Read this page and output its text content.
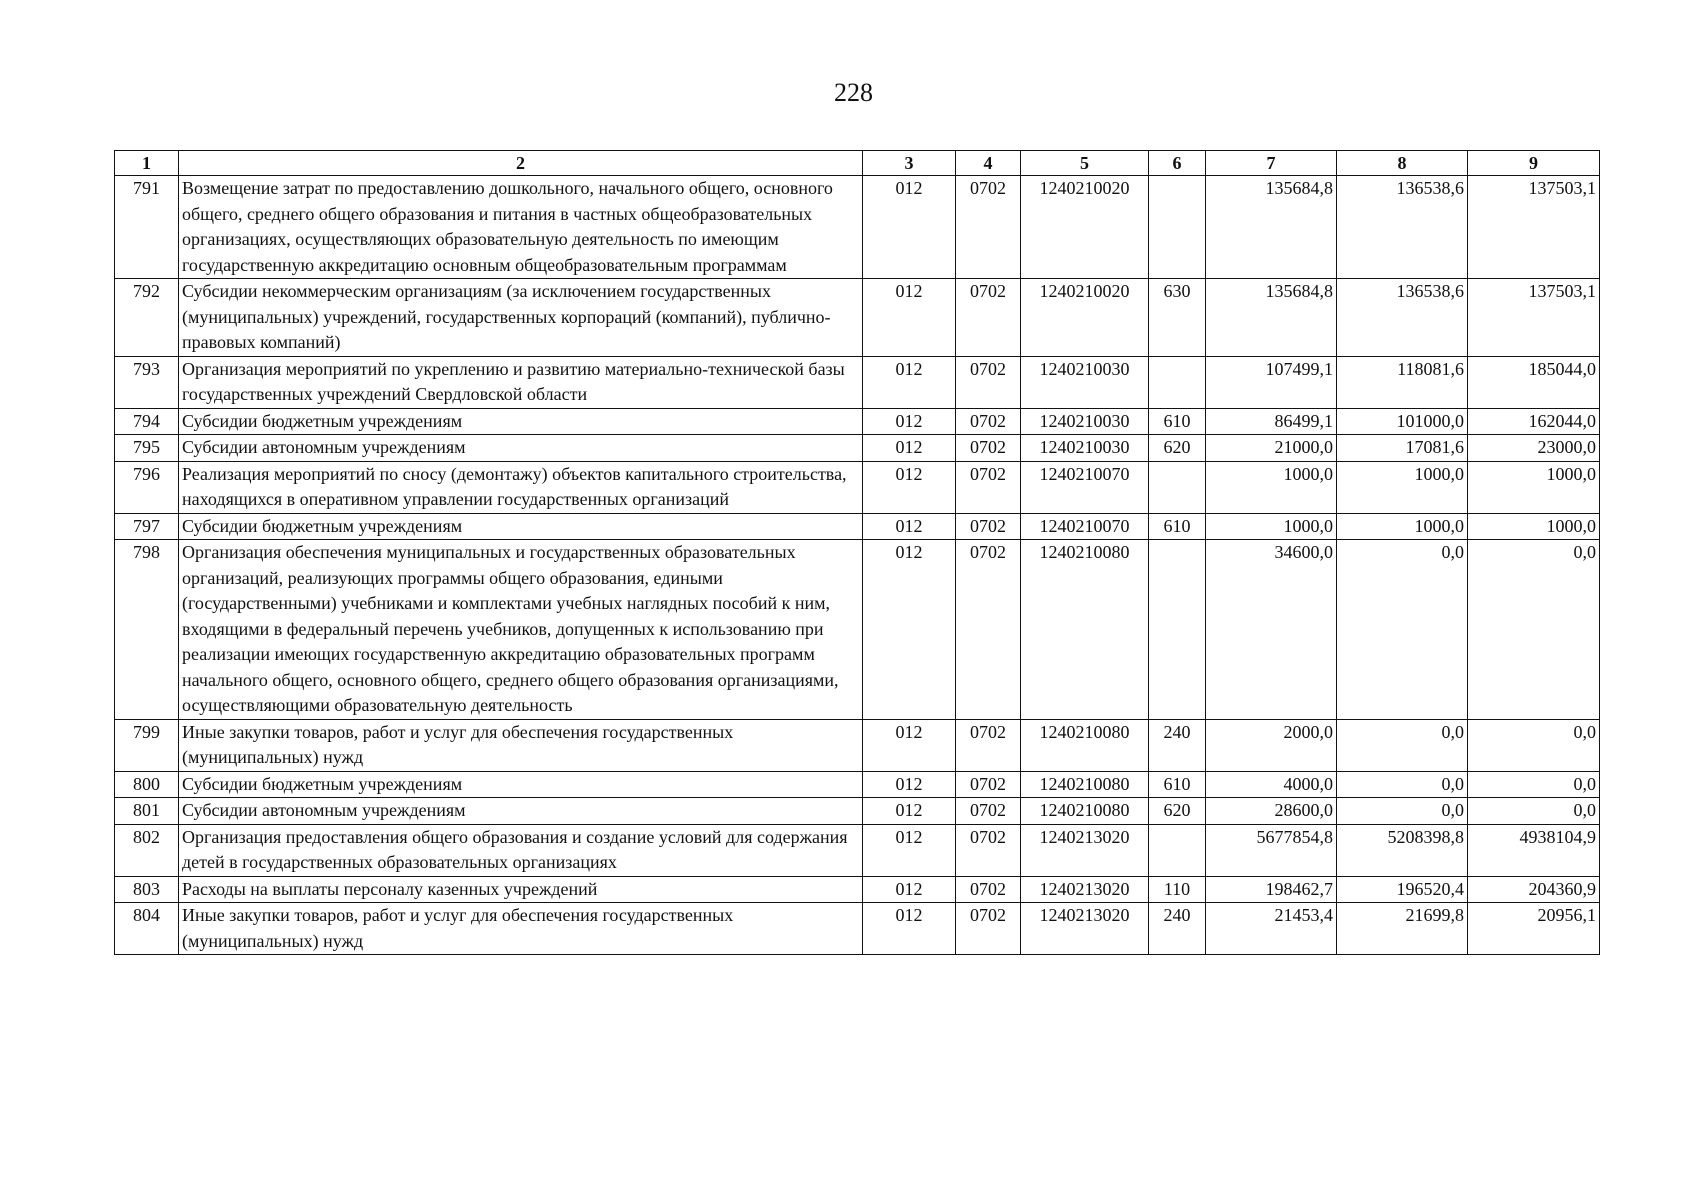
228
1	2	3	4	5	6	7	8	9
791	Возмещение затрат по предоставлению дошкольного, начального общего, основного общего, среднего общего образования и питания в частных общеобразовательных организациях, осуществляющих образовательную деятельность по имеющим государственную аккредитацию основным общеобразовательным программам	012	0702	1240210020		135684,8	136538,6	137503,1
792	Субсидии некоммерческим организациям (за исключением государственных (муниципальных) учреждений, государственных корпораций (компаний), публично-правовых компаний)	012	0702	1240210020	630	135684,8	136538,6	137503,1
793	Организация мероприятий по укреплению и развитию материально-технической базы государственных учреждений Свердловской области	012	0702	1240210030		107499,1	118081,6	185044,0
794	Субсидии бюджетным учреждениям	012	0702	1240210030	610	86499,1	101000,0	162044,0
795	Субсидии автономным учреждениям	012	0702	1240210030	620	21000,0	17081,6	23000,0
796	Реализация мероприятий по сносу (демонтажу) объектов капитального строительства, находящихся в оперативном управлении государственных организаций	012	0702	1240210070		1000,0	1000,0	1000,0
797	Субсидии бюджетным учреждениям	012	0702	1240210070	610	1000,0	1000,0	1000,0
798	Организация обеспечения муниципальных и государственных образовательных организаций, реализующих программы общего образования, едиными (государственными) учебниками и комплектами учебных наглядных пособий к ним, входящими в федеральный перечень учебников, допущенных к использованию при реализации имеющих государственную аккредитацию образовательных программ начального общего, основного общего, среднего общего образования организациями, осуществляющими образовательную деятельность	012	0702	1240210080		34600,0	0,0	0,0
799	Иные закупки товаров, работ и услуг для обеспечения государственных (муниципальных) нужд	012	0702	1240210080	240	2000,0	0,0	0,0
800	Субсидии бюджетным учреждениям	012	0702	1240210080	610	4000,0	0,0	0,0
801	Субсидии автономным учреждениям	012	0702	1240210080	620	28600,0	0,0	0,0
802	Организация предоставления общего образования и создание условий для содержания детей в государственных образовательных организациях	012	0702	1240213020		5677854,8	5208398,8	4938104,9
803	Расходы на выплаты персоналу казенных учреждений	012	0702	1240213020	110	198462,7	196520,4	204360,9
804	Иные закупки товаров, работ и услуг для обеспечения государственных (муниципальных) нужд	012	0702	1240213020	240	21453,4	21699,8	20956,1
